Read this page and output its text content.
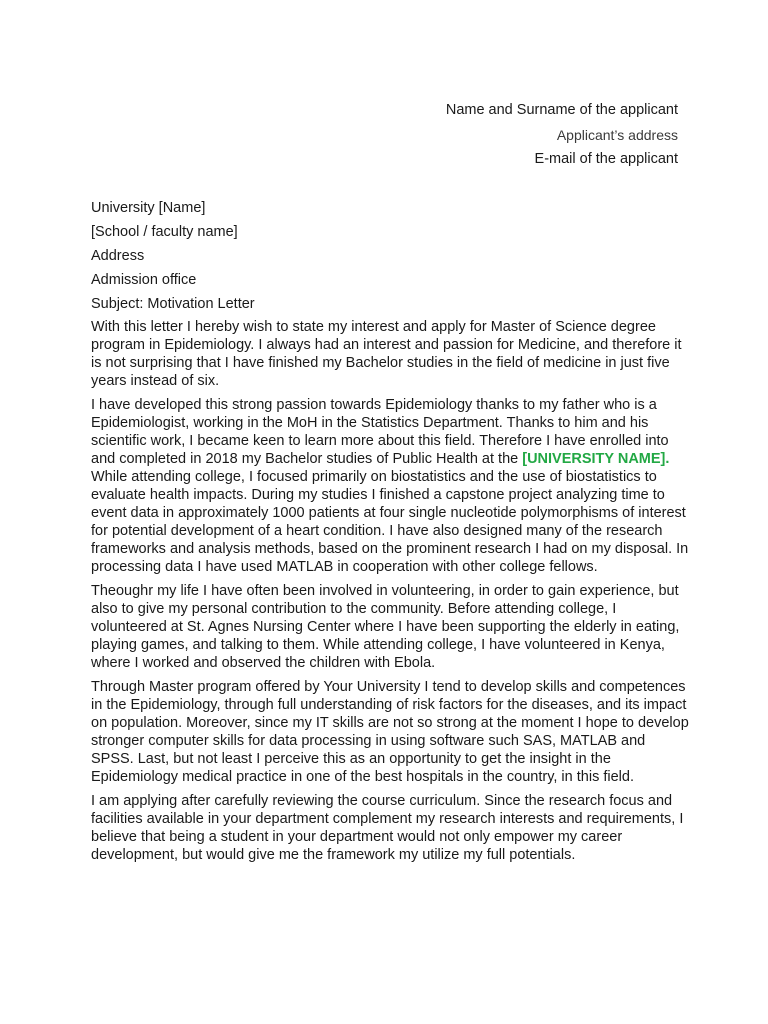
Name and Surname of the applicant
Applicant’s address
E-mail of the applicant
University [Name]
[School / faculty name]
Address
Admission office
Subject: Motivation Letter

With this letter I hereby wish to state my interest and apply for Master of Science degree program in Epidemiology. I always had an interest and passion for Medicine, and therefore it is not surprising that I have finished my Bachelor studies in the field of medicine in just five years instead of six.

I have developed this strong passion towards Epidemiology thanks to my father who is a Epidemiologist, working in the MoH in the Statistics Department. Thanks to him and his scientific work, I became keen to learn more about this field. Therefore I have enrolled into and completed in 2018 my Bachelor studies of Public Health at the [UNIVERSITY NAME]. While attending college, I focused primarily on biostatistics and the use of biostatistics to evaluate health impacts. During my studies I finished a capstone project analyzing time to event data in approximately 1000 patients at four single nucleotide polymorphisms of interest for potential development of a heart condition. I have also designed many of the research frameworks and analysis methods, based on the prominent research I had on my disposal. In processing data I have used MATLAB in cooperation with other college fellows.

Theoughr my life I have often been involved in volunteering, in order to gain experience, but also to give my personal contribution to the community. Before attending college, I volunteered at St. Agnes Nursing Center where I have been supporting the elderly in eating, playing games, and talking to them. While attending college, I have volunteered in Kenya, where I worked and observed the children with Ebola.

Through Master program offered by Your University I tend to develop skills and competences in the Epidemiology, through full understanding of risk factors for the diseases, and its impact on population. Moreover, since my IT skills are not so strong at the moment I hope to develop stronger computer skills for data processing in using software such SAS, MATLAB and SPSS. Last, but not least I perceive this as an opportunity to get the insight in the Epidemiology medical practice in one of the best hospitals in the country, in this field.

I am applying after carefully reviewing the course curriculum. Since the research focus and facilities available in your department complement my research interests and requirements, I believe that being a student in your department would not only empower my career development, but would give me the framework my utilize my full potentials.
